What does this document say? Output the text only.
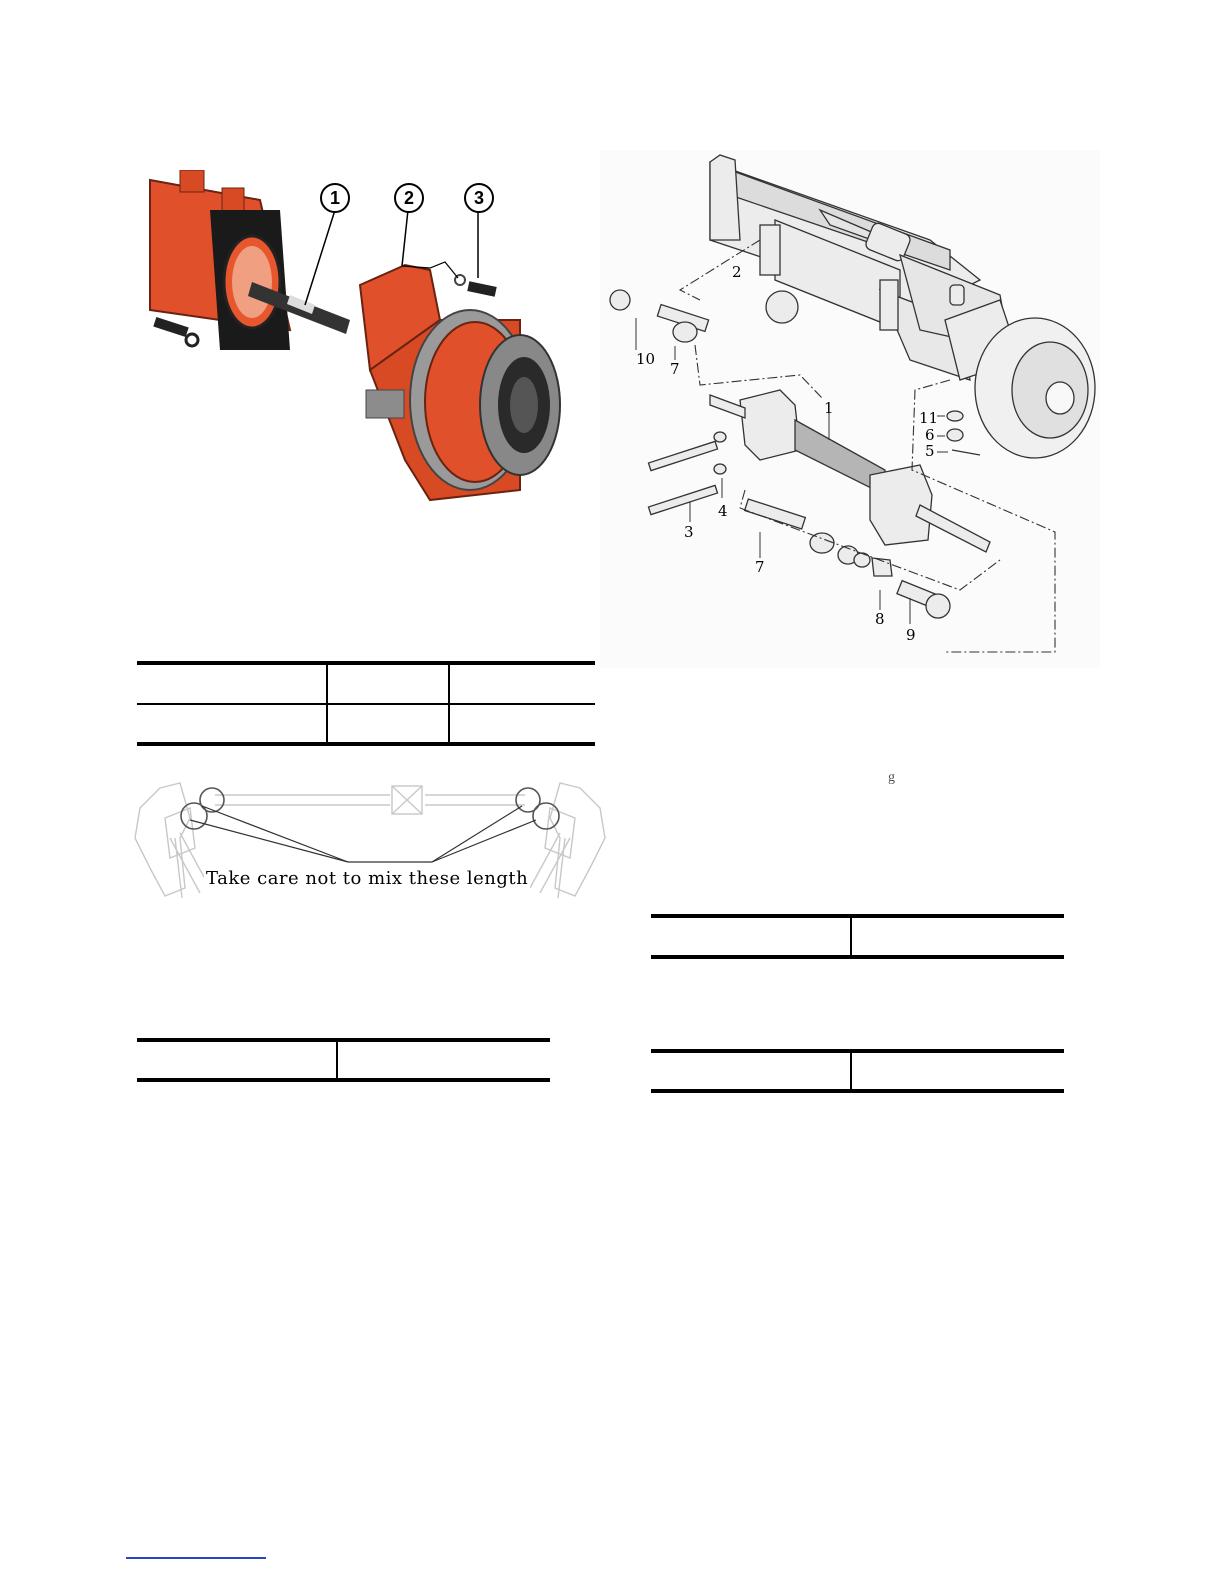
1	2	3
Take care not to mix these length
1
2
3
4
5
6
7
7
8
9
10
11
g
